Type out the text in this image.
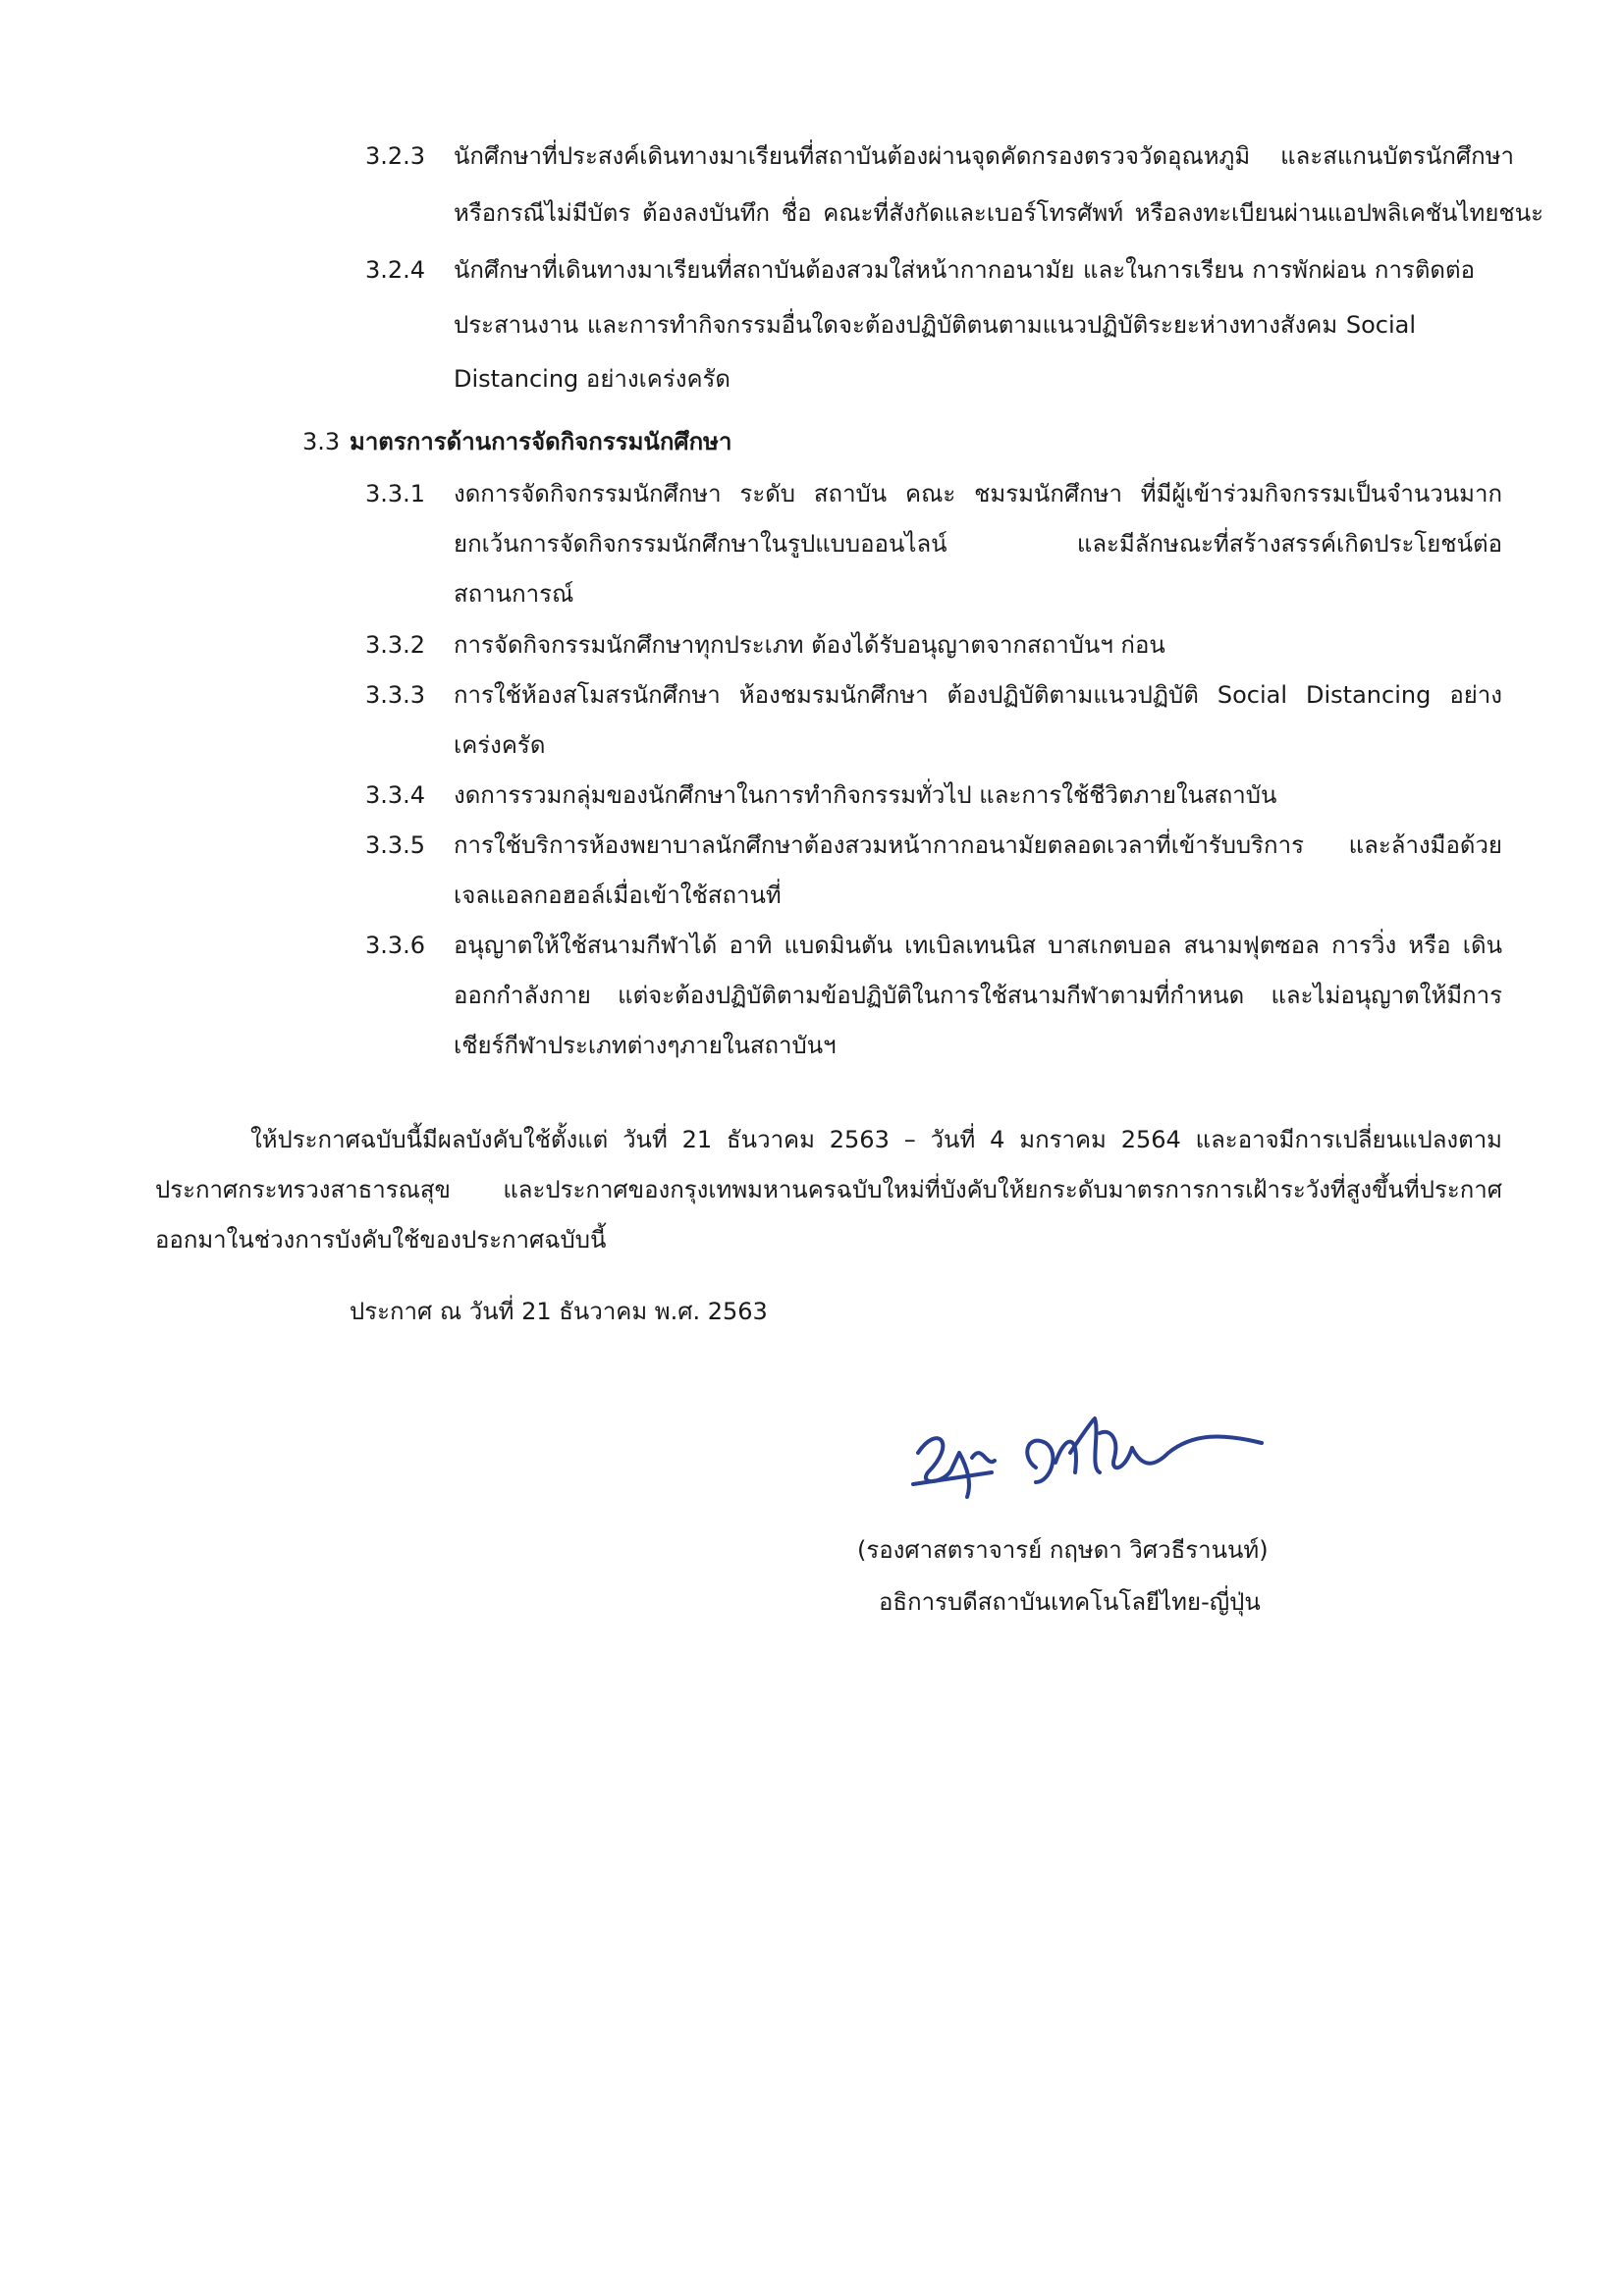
3.2.3 นักศึกษาที่ประสงค์เดินทางมาเรียนที่สถาบันต้องผ่านจุดคัดกรองตรวจวัดอุณหภูมิ และสแกนบัตรนักศึกษา
หรือกรณีไม่มีบัตร ต้องลงบันทึก ชื่อ คณะที่สังกัดและเบอร์โทรศัพท์ หรือลงทะเบียนผ่านแอปพลิเคชันไทยชนะ
3.2.4 นักศึกษาที่เดินทางมาเรียนที่สถาบันต้องสวมใส่หน้ากากอนามัย และในการเรียน การพักผ่อน การติดต่อ
ประสานงาน และการทำกิจกรรมอื่นใดจะต้องปฏิบัติตนตามแนวปฏิบัติระยะห่างทางสังคม Social
Distancing อย่างเคร่งครัด
3.3 มาตรการด้านการจัดกิจกรรมนักศึกษา
3.3.1 งดการจัดกิจกรรมนักศึกษา ระดับ สถาบัน คณะ ชมรมนักศึกษา ที่มีผู้เข้าร่วมกิจกรรมเป็นจำนวนมาก
ยกเว้นการจัดกิจกรรมนักศึกษาในรูปแบบออนไลน์ และมีลักษณะที่สร้างสรรค์เกิดประโยชน์ต่อ
สถานการณ์
3.3.2 การจัดกิจกรรมนักศึกษาทุกประเภท ต้องได้รับอนุญาตจากสถาบันฯ ก่อน
3.3.3 การใช้ห้องสโมสรนักศึกษา ห้องชมรมนักศึกษา ต้องปฏิบัติตามแนวปฏิบัติ Social Distancing อย่าง
เคร่งครัด
3.3.4 งดการรวมกลุ่มของนักศึกษาในการทำกิจกรรมทั่วไป และการใช้ชีวิตภายในสถาบัน
3.3.5 การใช้บริการห้องพยาบาลนักศึกษาต้องสวมหน้ากากอนามัยตลอดเวลาที่เข้ารับบริการ และล้างมือด้วย
เจลแอลกอฮอล์เมื่อเข้าใช้สถานที่
3.3.6 อนุญาตให้ใช้สนามกีฬาได้ อาทิ แบดมินตัน เทเบิลเทนนิส บาสเกตบอล สนามฟุตซอล การวิ่ง หรือ เดิน
ออกกำลังกาย แต่จะต้องปฏิบัติตามข้อปฏิบัติในการใช้สนามกีฬาตามที่กำหนด และไม่อนุญาตให้มีการ
เชียร์กีฬาประเภทต่างๆภายในสถาบันฯ
ให้ประกาศฉบับนี้มีผลบังคับใช้ตั้งแต่ วันที่ 21 ธันวาคม 2563 – วันที่ 4 มกราคม 2564 และอาจมีการเปลี่ยนแปลงตาม
ประกาศกระทรวงสาธารณสุข และประกาศของกรุงเทพมหานครฉบับใหม่ที่บังคับให้ยกระดับมาตรการการเฝ้าระวังที่สูงขึ้นที่ประกาศ
ออกมาในช่วงการบังคับใช้ของประกาศฉบับนี้
ประกาศ ณ วันที่ 21 ธันวาคม พ.ศ. 2563
(รองศาสตราจารย์ กฤษดา วิศวธีรานนท์)
อธิการบดีสถาบันเทคโนโลยีไทย-ญี่ปุ่น
